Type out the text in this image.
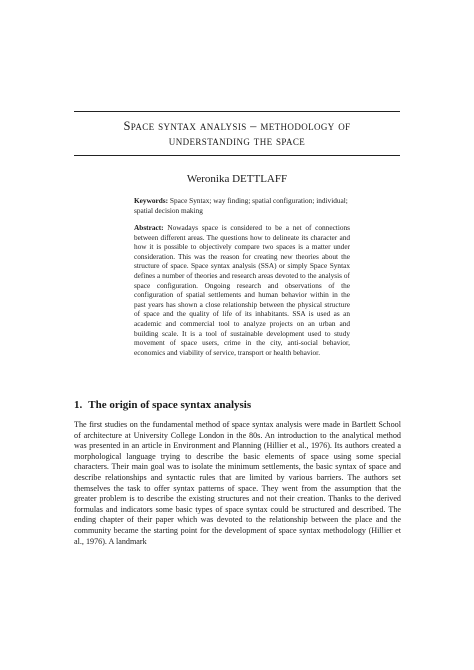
Space syntax analysis – methodology of understanding the space
Weronika DETTLAFF
Keywords: Space Syntax; way finding; spatial configuration; individual; spatial decision making
Abstract: Nowadays space is considered to be a net of connections between different areas. The questions how to delineate its character and how it is possible to objectively compare two spaces is a matter under consideration. This was the reason for creating new theories about the structure of space. Space syntax analysis (SSA) or simply Space Syntax defines a number of theories and research areas devoted to the analysis of space configuration. Ongoing research and observations of the configuration of spatial settlements and human behavior within in the past years has shown a close relationship between the physical structure of space and the quality of life of its inhabitants. SSA is used as an academic and commercial tool to analyze projects on an urban and building scale. It is a tool of sustainable development used to study movement of space users, crime in the city, anti-social behavior, economics and viability of service, transport or health behavior.
1. The origin of space syntax analysis
The first studies on the fundamental method of space syntax analysis were made in Bartlett School of architecture at University College London in the 80s. An introduction to the analytical method was presented in an article in Environment and Planning (Hillier et al., 1976). Its authors created a morphological language trying to describe the basic elements of space using some special characters. Their main goal was to isolate the minimum settlements, the basic syntax of space and describe relationships and syntactic rules that are limited by various barriers. The authors set themselves the task to offer syntax patterns of space. They went from the assumption that the greater problem is to describe the existing structures and not their creation. Thanks to the derived formulas and indicators some basic types of space syntax could be structured and described. The ending chapter of their paper which was devoted to the relationship between the place and the community became the starting point for the development of space syntax methodology (Hillier et al., 1976). A landmark
